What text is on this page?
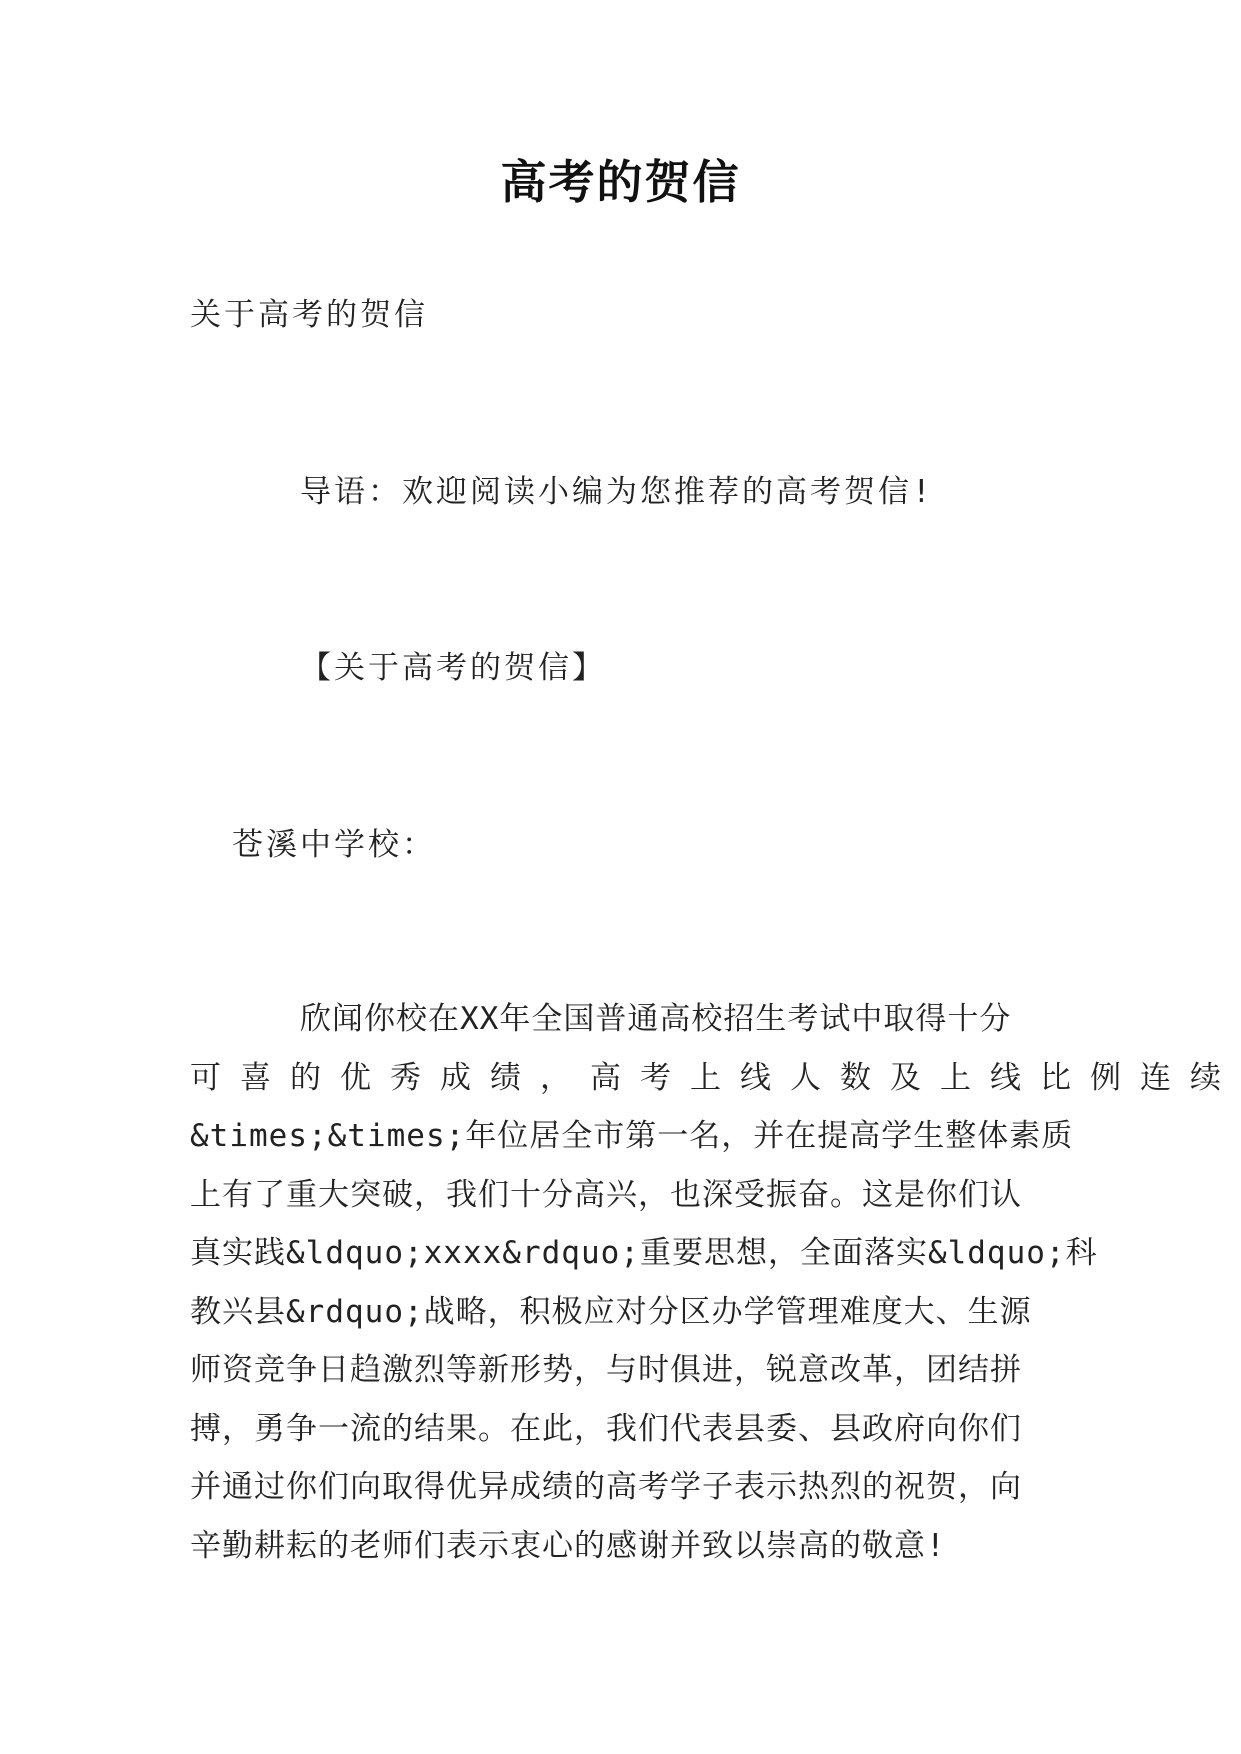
高考的贺信
关于高考的贺信
导语：欢迎阅读小编为您推荐的高考贺信!
【关于高考的贺信】
苍溪中学校：
欣闻你校在XX年全国普通高校招生考试中取得十分
可喜的优秀成绩，高考上线人数及上线比例连续
&times;&times;年位居全市第一名，并在提高学生整体素质
上有了重大突破，我们十分高兴，也深受振奋。这是你们认
真实践&ldquo;xxxx&rdquo;重要思想，全面落实&ldquo;科
教兴县&rdquo;战略，积极应对分区办学管理难度大、生源
师资竞争日趋激烈等新形势，与时俱进，锐意改革，团结拼
搏，勇争一流的结果。在此，我们代表县委、县政府向你们
并通过你们向取得优异成绩的高考学子表示热烈的祝贺，向
辛勤耕耘的老师们表示衷心的感谢并致以崇高的敬意!
